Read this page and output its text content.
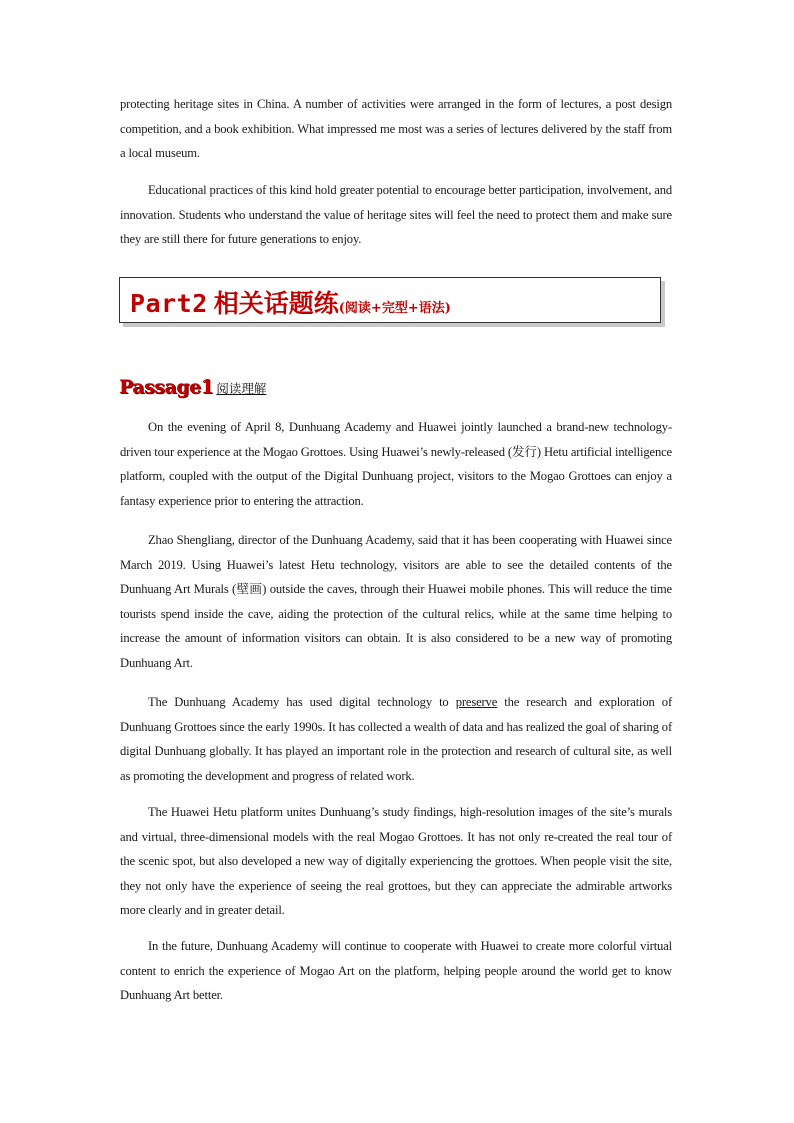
protecting heritage sites in China. A number of activities were arranged in the form of lectures, a post design competition, and a book exhibition. What impressed me most was a series of lectures delivered by the staff from a local museum.

Educational practices of this kind hold greater potential to encourage better participation, involvement, and innovation. Students who understand the value of heritage sites will feel the need to protect them and make sure they are still there for future generations to enjoy.

Part2 相关话题练(阅读+完型+语法)
Passage1 阅读理解

On the evening of April 8, Dunhuang Academy and Huawei jointly launched a brand-new technology-driven tour experience at the Mogao Grottoes. Using Huawei’s newly-released (发行) Hetu artificial intelligence platform, coupled with the output of the Digital Dunhuang project, visitors to the Mogao Grottoes can enjoy a fantasy experience prior to entering the attraction.

Zhao Shengliang, director of the Dunhuang Academy, said that it has been cooperating with Huawei since March 2019. Using Huawei’s latest Hetu technology, visitors are able to see the detailed contents of the Dunhuang Art Murals (壁画) outside the caves, through their Huawei mobile phones. This will reduce the time tourists spend inside the cave, aiding the protection of the cultural relics, while at the same time helping to increase the amount of information visitors can obtain. It is also considered to be a new way of promoting Dunhuang Art.

The Dunhuang Academy has used digital technology to preserve the research and exploration of Dunhuang Grottoes since the early 1990s. It has collected a wealth of data and has realized the goal of sharing of digital Dunhuang globally. It has played an important role in the protection and research of cultural site, as well as promoting the development and progress of related work.

The Huawei Hetu platform unites Dunhuang’s study findings, high-resolution images of the site’s murals and virtual, three-dimensional models with the real Mogao Grottoes. It has not only re-created the real tour of the scenic spot, but also developed a new way of digitally experiencing the grottoes. When people visit the site, they not only have the experience of seeing the real grottoes, but they can appreciate the admirable artworks more clearly and in greater detail.

In the future, Dunhuang Academy will continue to cooperate with Huawei to create more colorful virtual content to enrich the experience of Mogao Art on the platform, helping people around the world get to know Dunhuang Art better.
